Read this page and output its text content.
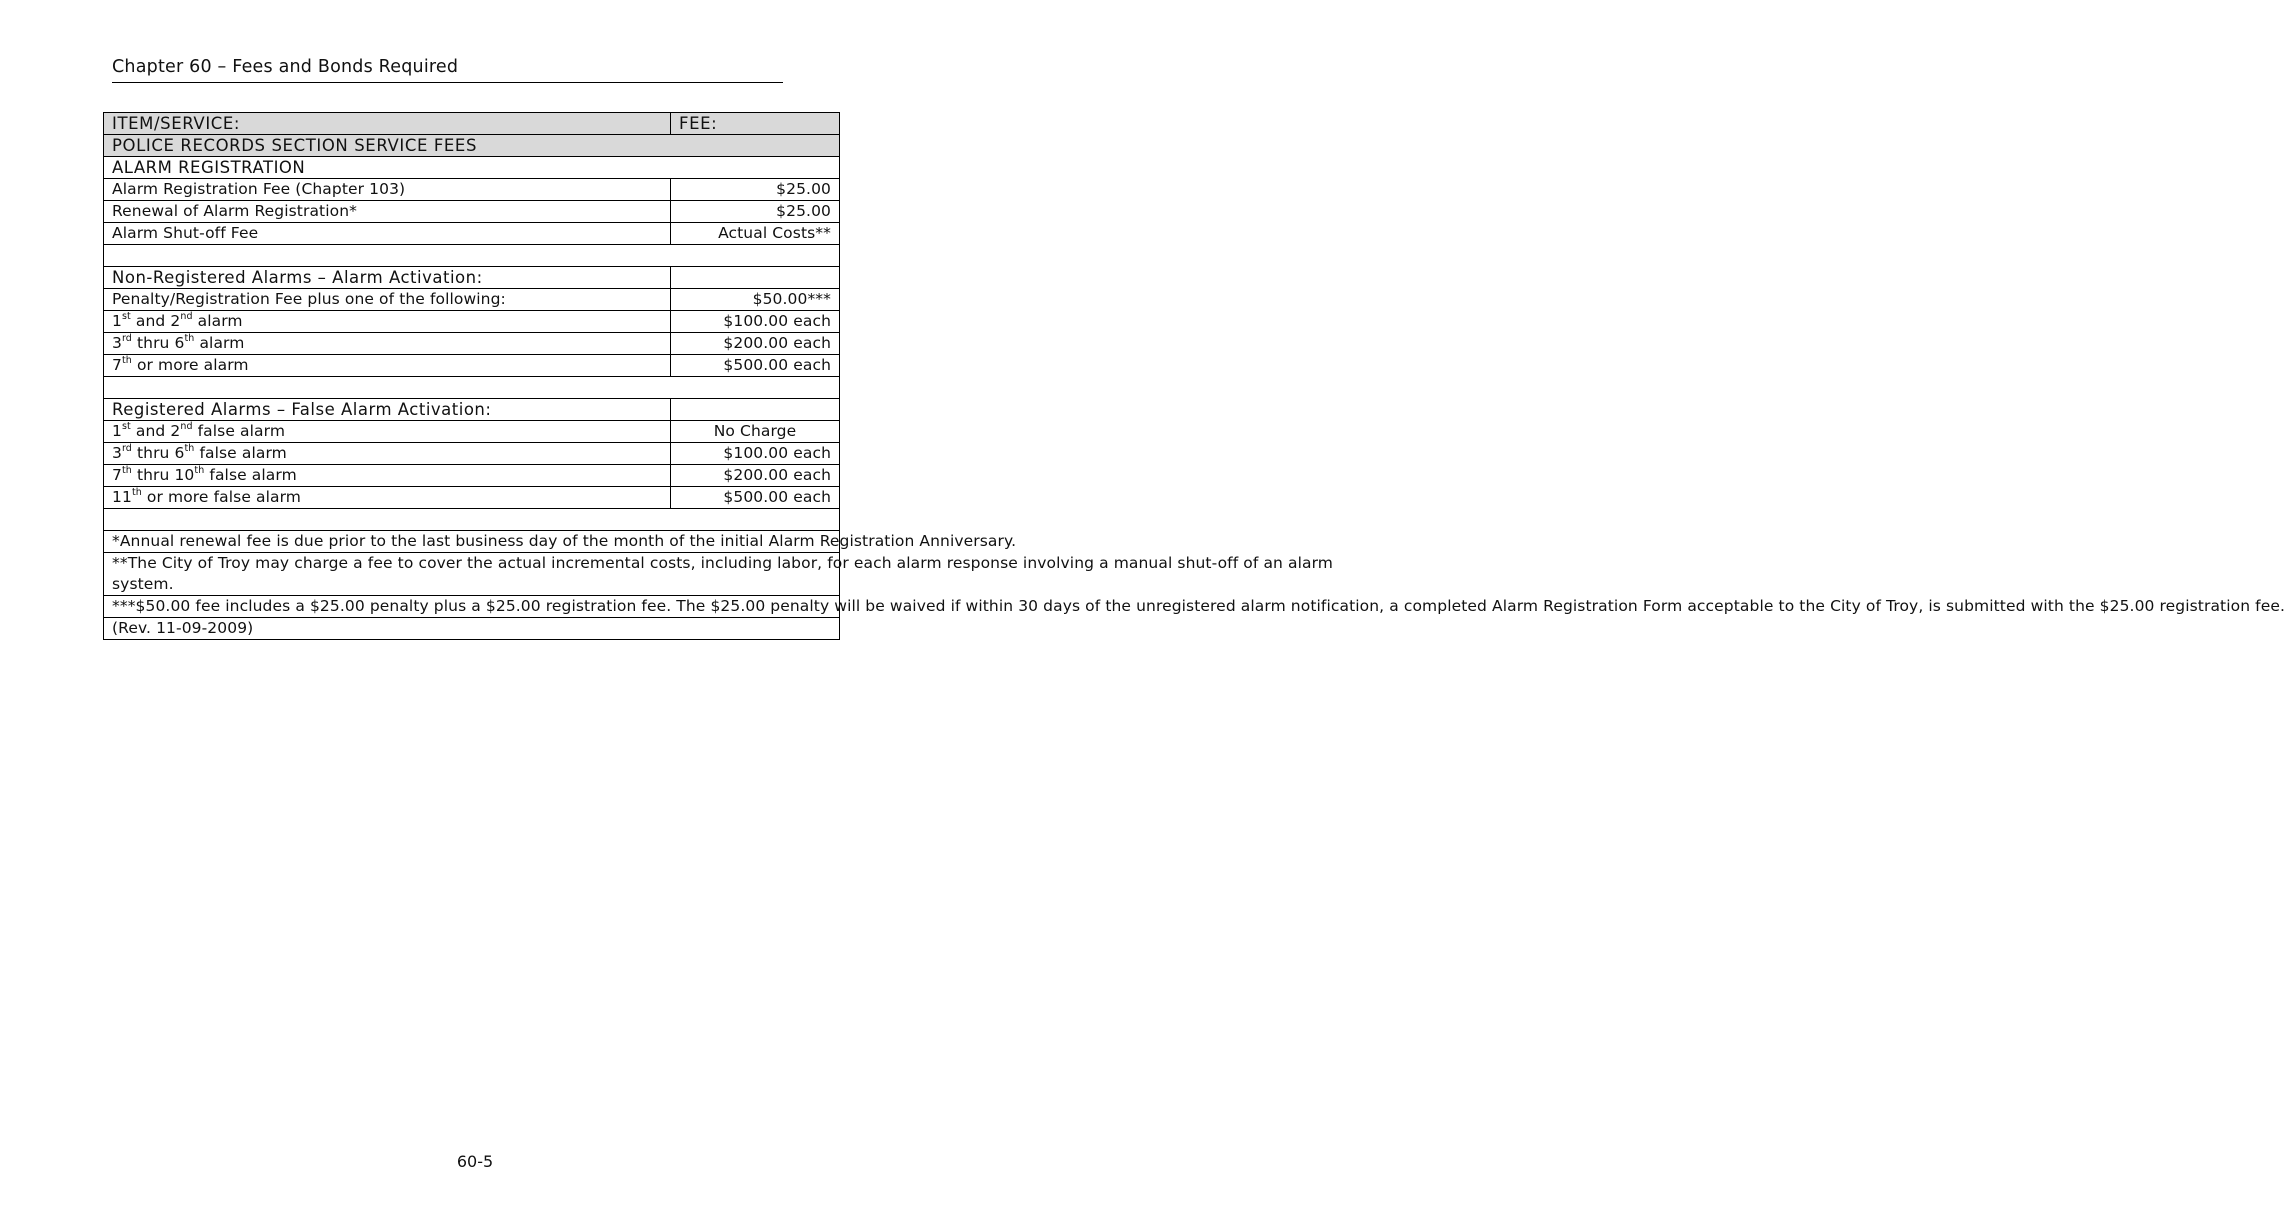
Chapter 60 – Fees and Bonds Required
ITEM/SERVICE:	FEE:
POLICE RECORDS SECTION SERVICE FEES	
ALARM REGISTRATION	
Alarm Registration Fee (Chapter 103)	$25.00
Renewal of Alarm Registration*	$25.00
Alarm Shut-off Fee	Actual Costs**

Non-Registered Alarms – Alarm Activation:	
Penalty/Registration Fee plus one of the following:	$50.00***
1st and 2nd alarm	$100.00 each
3rd thru 6th alarm	$200.00 each
7th or more alarm	$500.00 each

Registered Alarms – False Alarm Activation:	
1st and 2nd false alarm	No Charge
3rd thru 6th false alarm	$100.00 each
7th thru 10th false alarm	$200.00 each
11th or more false alarm	$500.00 each

*Annual renewal fee is due prior to the last business day of the month of the initial Alarm Registration Anniversary.	
**The City of Troy may charge a fee to cover the actual incremental costs, including labor, for each alarm response involving a manual shut-off of an alarm
system.	
***$50.00 fee includes a $25.00 penalty plus a $25.00 registration fee. The $25.00 penalty will be waived if within 30 days of the unregistered alarm notification, a completed Alarm Registration Form acceptable to the City of Troy, is submitted with the $25.00 registration fee.	
(Rev. 11-09-2009)	
60-5
